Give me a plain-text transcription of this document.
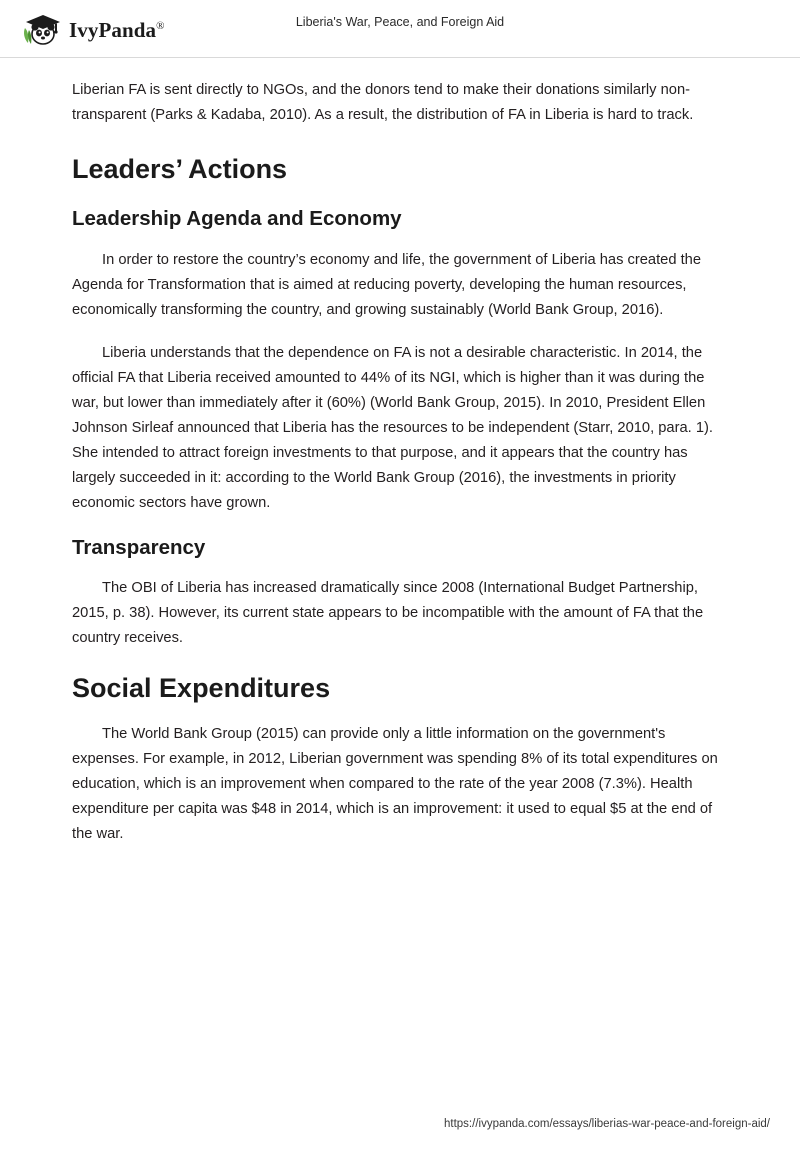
IvyPanda®	Liberia's War, Peace, and Foreign Aid

Liberian FA is sent directly to NGOs, and the donors tend to make their donations similarly non-transparent (Parks & Kadaba, 2010). As a result, the distribution of FA in Liberia is hard to track.

Leaders’ Actions
Leadership Agenda and Economy

In order to restore the country’s economy and life, the government of Liberia has created the Agenda for Transformation that is aimed at reducing poverty, developing the human resources, economically transforming the country, and growing sustainably (World Bank Group, 2016).

Liberia understands that the dependence on FA is not a desirable characteristic. In 2014, the official FA that Liberia received amounted to 44% of its NGI, which is higher than it was during the war, but lower than immediately after it (60%) (World Bank Group, 2015). In 2010, President Ellen Johnson Sirleaf announced that Liberia has the resources to be independent (Starr, 2010, para. 1). She intended to attract foreign investments to that purpose, and it appears that the country has largely succeeded in it: according to the World Bank Group (2016), the investments in priority economic sectors have grown.

Transparency

The OBI of Liberia has increased dramatically since 2008 (International Budget Partnership, 2015, p. 38). However, its current state appears to be incompatible with the amount of FA that the country receives.

Social Expenditures

The World Bank Group (2015) can provide only a little information on the government's expenses. For example, in 2012, Liberian government was spending 8% of its total expenditures on education, which is an improvement when compared to the rate of the year 2008 (7.3%). Health expenditure per capita was $48 in 2014, which is an improvement: it used to equal $5 at the end of the war.

https://ivypanda.com/essays/liberias-war-peace-and-foreign-aid/
